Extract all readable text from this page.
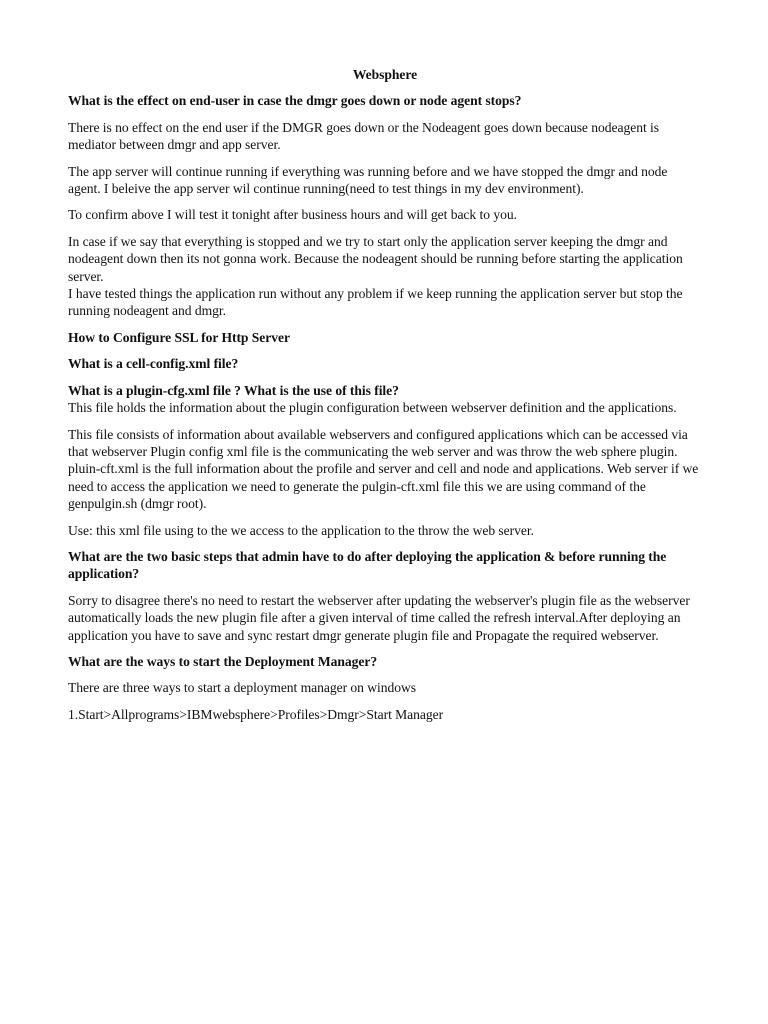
Websphere
What is the effect on end-user in case the dmgr goes down or node agent stops?
There is no effect on the end user if the DMGR goes down or the Nodeagent goes down because nodeagent is mediator between dmgr and app server.
The app server will continue running if everything was running before and we have stopped the dmgr and node agent. I beleive the app server wil continue running(need to test things in my dev environment).
To confirm above I will test it tonight after business hours and will get back to you.
In case if we say that everything is stopped and we try to start only the application server keeping the dmgr and nodeagent down then its not gonna work. Because the nodeagent should be running before starting the application server.
I have tested things the application run without any problem if we keep running the application server but stop the running nodeagent and dmgr.
How to Configure SSL for Http Server
What is a cell-config.xml file?
What is a plugin-cfg.xml file ? What is the use of this file?
This file holds the information about the plugin configuration between webserver definition and the applications.
This file consists of information about available webservers and configured applications which can be accessed via that webserver Plugin config xml file is the communicating the web server and was throw the web sphere plugin. pluin-cft.xml is the full information about the profile and server and cell and node and applications. Web server if we need to access the application we need to generate the pulgin-cft.xml file this we are using command of the genpulgin.sh (dmgr root).
Use: this xml file using to the we access to the application to the throw the web server.
What are the two basic steps that admin have to do after deploying the application & before running the application?
Sorry to disagree there's no need to restart the webserver after updating the webserver's plugin file as the webserver automatically loads the new plugin file after a given interval of time called the refresh interval.After deploying an application you have to save and sync restart dmgr generate plugin file and Propagate the required webserver.
What are the ways to start the Deployment Manager?
There are three ways to start a deployment manager on windows
1.Start>Allprograms>IBMwebsphere>Profiles>Dmgr>Start Manager
